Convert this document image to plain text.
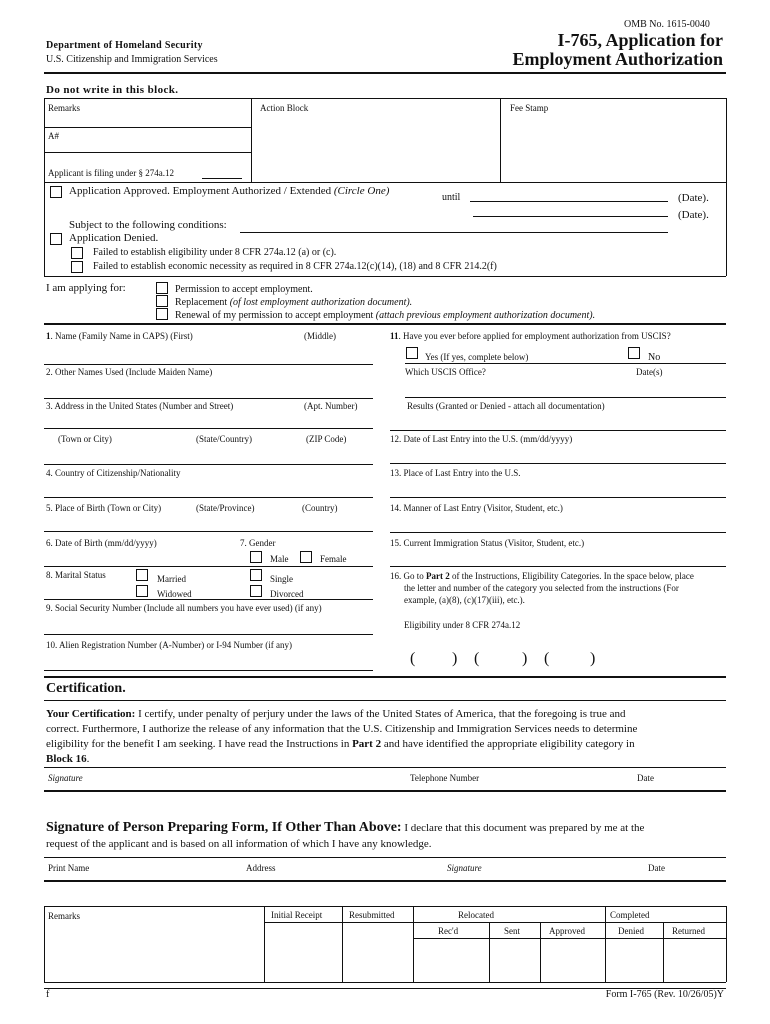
OMB No. 1615-0040
Department of Homeland Security
U.S. Citizenship and Immigration Services
I-765, Application for
Employment Authorization
Do not write in this block.
Remarks	Action Block	Fee Stamp
A#
Applicant is filing under § 274a.12
Application Approved. Employment Authorized / Extended (Circle One)
until	(Date).
(Date).
Subject to the following conditions:
Application Denied.
Failed to establish eligibility under 8 CFR 274a.12 (a) or (c).
Failed to establish economic necessity as required in 8 CFR 274a.12(c)(14), (18) and 8 CFR 214.2(f)
I am applying for:	Permission to accept employment.
Replacement (of lost employment authorization document).
Renewal of my permission to accept employment (attach previous employment authorization document).
1. Name (Family Name in CAPS) (First)	(Middle)
2. Other Names Used (Include Maiden Name)
3. Address in the United States (Number and Street)	(Apt. Number)
(Town or City)	(State/Country)	(ZIP Code)
4. Country of Citizenship/Nationality
5. Place of Birth (Town or City)	(State/Province)	(Country)
6. Date of Birth (mm/dd/yyyy)	7. Gender
Male	Female
8. Marital Status	Married	Single
Widowed	Divorced
9. Social Security Number (Include all numbers you have ever used) (if any)
10. Alien Registration Number (A-Number) or I-94 Number (if any)
11. Have you ever before applied for employment authorization from USCIS?
Yes (If yes, complete below)	No
Which USCIS Office?	Date(s)
Results (Granted or Denied - attach all documentation)
12. Date of Last Entry into the U.S. (mm/dd/yyyy)
13. Place of Last Entry into the U.S.
14. Manner of Last Entry (Visitor, Student, etc.)
15. Current Immigration Status (Visitor, Student, etc.)
16. Go to Part 2 of the Instructions, Eligibility Categories. In the space below, place
the letter and number of the category you selected from the instructions (For
example, (a)(8), (c)(17)(iii), etc.).
Eligibility under 8 CFR 274a.12
( ) (	) (	)
Certification.
Your Certification: I certify, under penalty of perjury under the laws of the United States of America, that the foregoing is true and
correct. Furthermore, I authorize the release of any information that the U.S. Citizenship and Immigration Services needs to determine
eligibility for the benefit I am seeking. I have read the Instructions in Part 2 and have identified the appropriate eligibility category in
Block 16.
Signature	Telephone Number	Date
Signature of Person Preparing Form, If Other Than Above: I declare that this document was prepared by me at the
request of the applicant and is based on all information of which I have any knowledge.
Print Name	Address	Signature	Date
Remarks	Initial Receipt	Resubmitted	Relocated	Completed
Rec'd	Sent	Approved	Denied	Returned
f	Form I-765 (Rev. 10/26/05)Y
